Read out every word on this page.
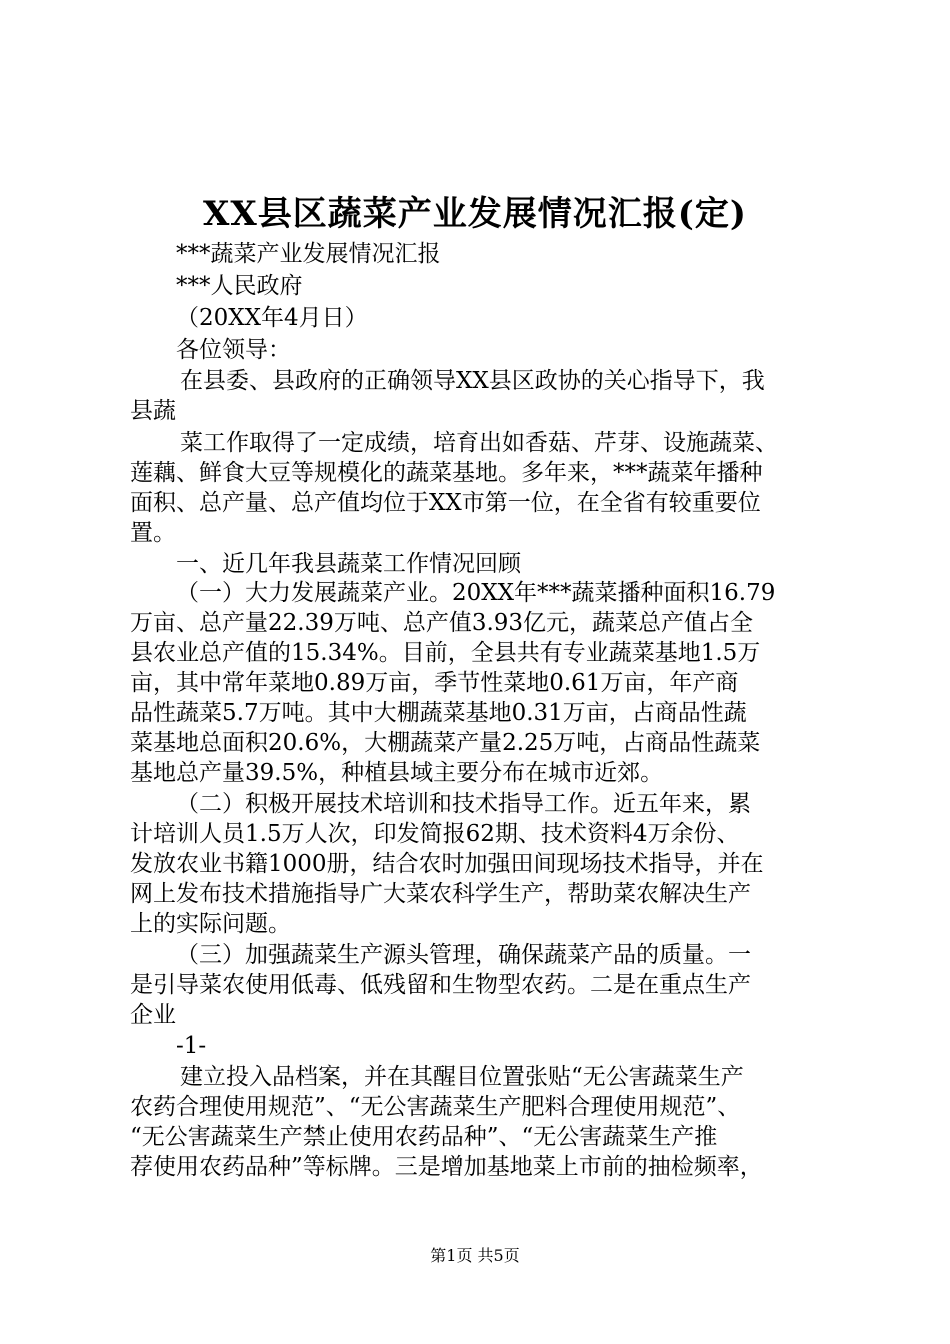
XX县区蔬菜产业发展情况汇报(定)
***蔬菜产业发展情况汇报
***人民政府
（20XX年4月日）
各位领导：
在县委、县政府的正确领导XX县区政协的关心指导下，我
县蔬
菜工作取得了一定成绩，培育出如香菇、芹芽、设施蔬菜、
莲藕、鲜食大豆等规模化的蔬菜基地。多年来，***蔬菜年播种
面积、总产量、总产值均位于XX市第一位，在全省有较重要位
置。
一、近几年我县蔬菜工作情况回顾
（一）大力发展蔬菜产业。20XX年***蔬菜播种面积16.79
万亩、总产量22.39万吨、总产值3.93亿元，蔬菜总产值占全
县农业总产值的15.34%。目前，全县共有专业蔬菜基地1.5万
亩，其中常年菜地0.89万亩，季节性菜地0.61万亩，年产商
品性蔬菜5.7万吨。其中大棚蔬菜基地0.31万亩，占商品性蔬
菜基地总面积20.6%，大棚蔬菜产量2.25万吨，占商品性蔬菜
基地总产量39.5%，种植县域主要分布在城市近郊。
（二）积极开展技术培训和技术指导工作。近五年来，累
计培训人员1.5万人次，印发简报62期、技术资料4万余份、
发放农业书籍1000册，结合农时加强田间现场技术指导，并在
网上发布技术措施指导广大菜农科学生产，帮助菜农解决生产
上的实际问题。
（三）加强蔬菜生产源头管理，确保蔬菜产品的质量。一
是引导菜农使用低毒、低残留和生物型农药。二是在重点生产
企业
-1-
建立投入品档案，并在其醒目位置张贴“无公害蔬菜生产
农药合理使用规范”、“无公害蔬菜生产肥料合理使用规范”、
“无公害蔬菜生产禁止使用农药品种”、“无公害蔬菜生产推
荐使用农药品种”等标牌。三是增加基地菜上市前的抽检频率，
第1页 共5页
